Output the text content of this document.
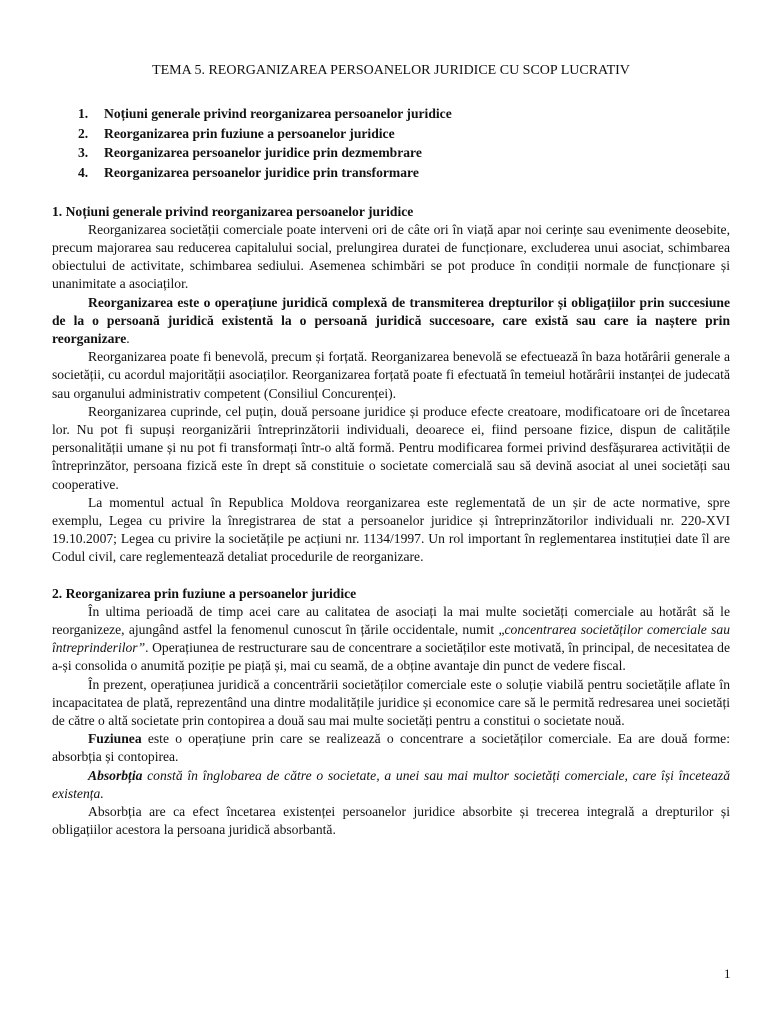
TEMA 5. REORGANIZAREA PERSOANELOR JURIDICE CU SCOP LUCRATIV
1.	Noțiuni generale privind reorganizarea persoanelor juridice
2.	Reorganizarea prin fuziune a persoanelor juridice
3.	Reorganizarea persoanelor juridice prin dezmembrare
4.	Reorganizarea persoanelor juridice prin transformare
1. Noțiuni generale privind reorganizarea persoanelor juridice

Reorganizarea societății comerciale poate interveni ori de câte ori în viață apar noi cerințe sau evenimente deosebite, precum majorarea sau reducerea capitalului social, prelungirea duratei de funcționare, excluderea unui asociat, schimbarea obiectului de activitate, schimbarea sediului. Asemenea schimbări se pot produce în condiții normale de funcționare și unanimitate a asociaților.

Reorganizarea este o operațiune juridică complexă de transmiterea drepturilor și obligațiilor prin succesiune de la o persoană juridică existentă la o persoană juridică succesoare, care există sau care ia naștere prin reorganizare.

Reorganizarea poate fi benevolă, precum și forțată. Reorganizarea benevolă se efectuează în baza hotărârii generale a societății, cu acordul majorității asociaților. Reorganizarea forțată poate fi efectuată în temeiul hotărârii instanței de judecată sau organului administrativ competent (Consiliul Concurenței).

Reorganizarea cuprinde, cel puțin, două persoane juridice și produce efecte creatoare, modificatoare ori de încetarea lor. Nu pot fi supuși reorganizării întreprinzătorii individuali, deoarece ei, fiind persoane fizice, dispun de calitățile personalității umane și nu pot fi transformați într-o altă formă. Pentru modificarea formei privind desfășurarea activității de întreprinzător, persoana fizică este în drept să constituie o societate comercială sau să devină asociat al unei societăți sau cooperative.

La momentul actual în Republica Moldova reorganizarea este reglementată de un șir de acte normative, spre exemplu, Legea cu privire la înregistrarea de stat a persoanelor juridice și întreprinzătorilor individuali nr. 220-XVI 19.10.2007; Legea cu privire la societățile pe acțiuni nr. 1134/1997. Un rol important în reglementarea instituției date îl are Codul civil, care reglementează detaliat procedurile de reorganizare.

2. Reorganizarea prin fuziune a persoanelor juridice

În ultima perioadă de timp acei care au calitatea de asociați la mai multe societăți comerciale au hotărât să le reorganizeze, ajungând astfel la fenomenul cunoscut în țările occidentale, numit „concentrarea societăților comerciale sau întreprinderilor”. Operațiunea de restructurare sau de concentrare a societăților este motivată, în principal, de necesitatea de a-și consolida o anumită poziție pe piață și, mai cu seamă, de a obține avantaje din punct de vedere fiscal.

În prezent, operațiunea juridică a concentrării societăților comerciale este o soluție viabilă pentru societățile aflate în incapacitatea de plată, reprezentând una dintre modalitățile juridice și economice care să le permită redresarea unei societăți de către o altă societate prin contopirea a două sau mai multe societăți pentru a constitui o societate nouă.

Fuziunea este o operațiune prin care se realizează o concentrare a societăților comerciale. Ea are două forme: absorbția și contopirea.

Absorbția constă în înglobarea de către o societate, a unei sau mai multor societăți comerciale, care își încetează existența.

Absorbția are ca efect încetarea existenței persoanelor juridice absorbite și trecerea integrală a drepturilor și obligațiilor acestora la persoana juridică absorbantă.

1
